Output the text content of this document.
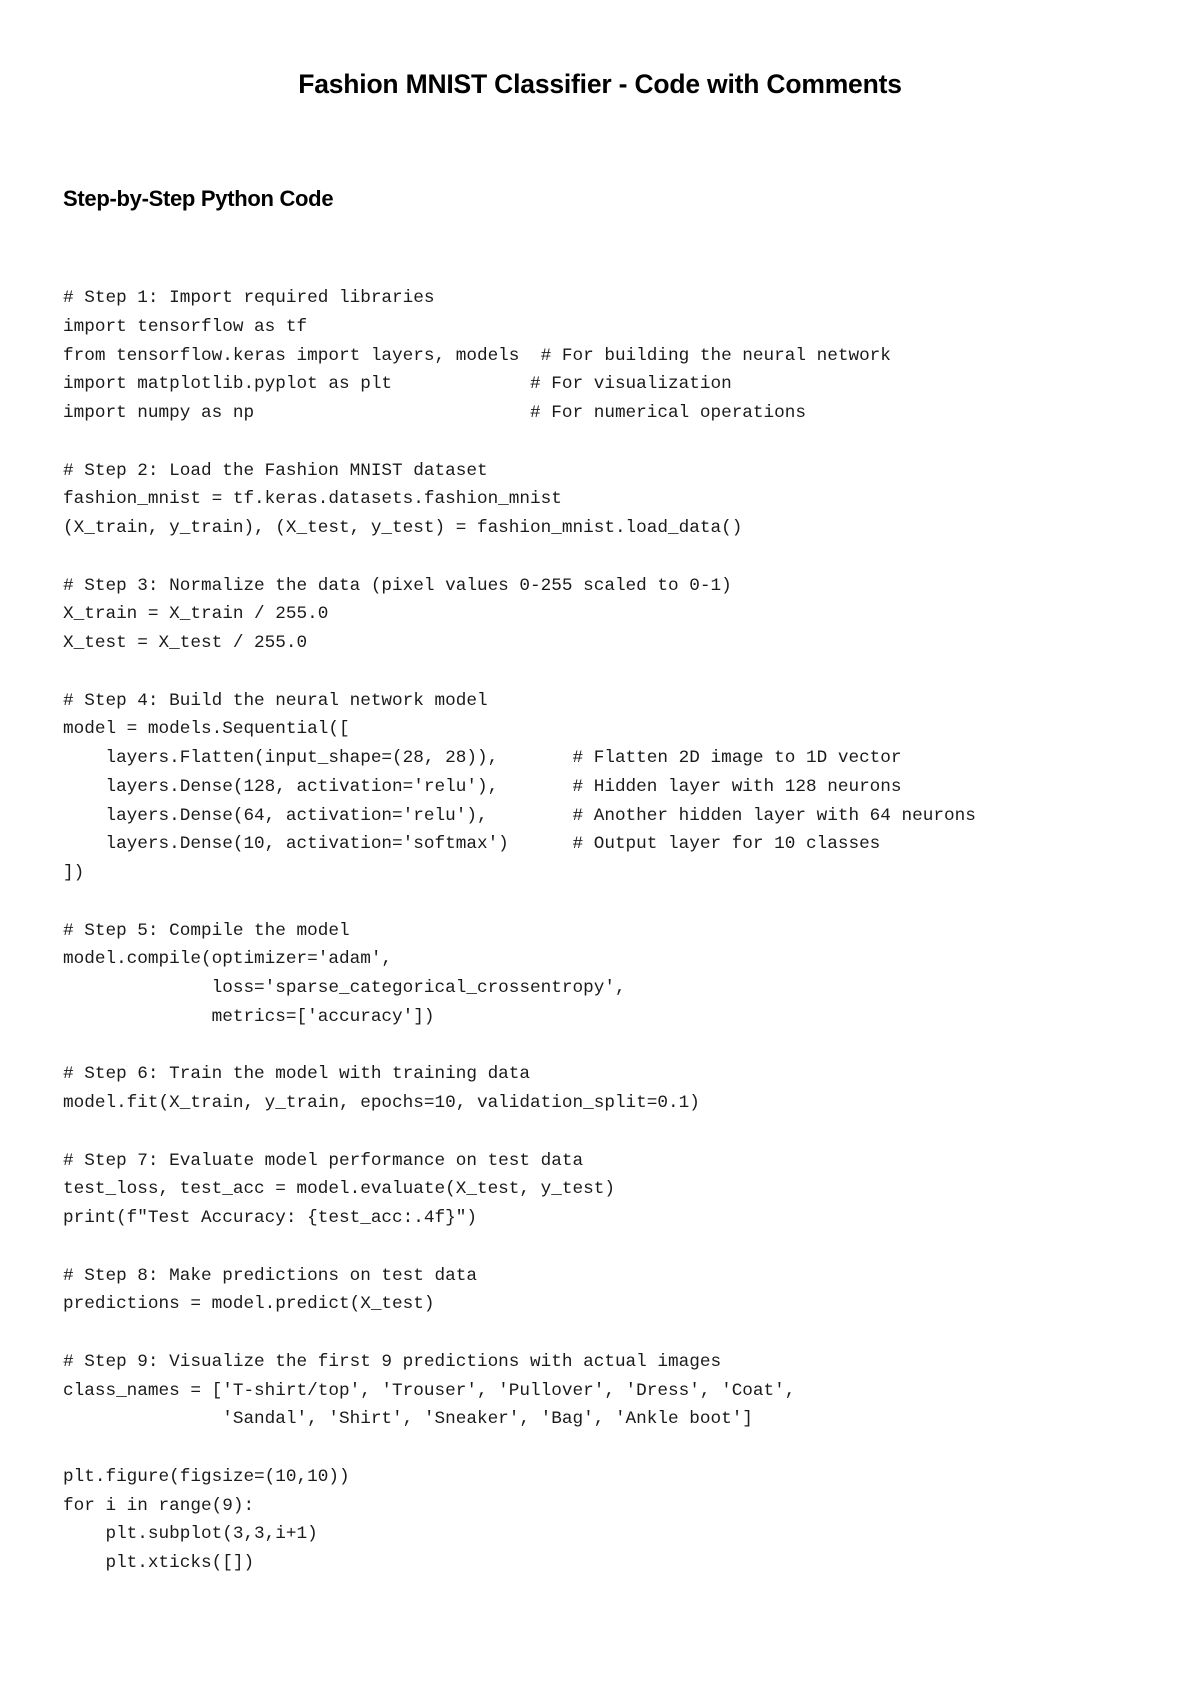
Fashion MNIST Classifier - Code with Comments
Step-by-Step Python Code
# Step 1: Import required libraries
import tensorflow as tf
from tensorflow.keras import layers, models  # For building the neural network
import matplotlib.pyplot as plt             # For visualization
import numpy as np                          # For numerical operations
# Step 2: Load the Fashion MNIST dataset
fashion_mnist = tf.keras.datasets.fashion_mnist
(X_train, y_train), (X_test, y_test) = fashion_mnist.load_data()
# Step 3: Normalize the data (pixel values 0-255 scaled to 0-1)
X_train = X_train / 255.0
X_test = X_test / 255.0
# Step 4: Build the neural network model
model = models.Sequential([
layers.Flatten(input_shape=(28, 28)),       # Flatten 2D image to 1D vector
layers.Dense(128, activation='relu'),       # Hidden layer with 128 neurons
layers.Dense(64, activation='relu'),        # Another hidden layer with 64 neurons
layers.Dense(10, activation='softmax')      # Output layer for 10 classes
])
# Step 5: Compile the model
model.compile(optimizer='adam',
loss='sparse_categorical_crossentropy',
metrics=['accuracy'])
# Step 6: Train the model with training data
model.fit(X_train, y_train, epochs=10, validation_split=0.1)
# Step 7: Evaluate model performance on test data
test_loss, test_acc = model.evaluate(X_test, y_test)
print(f"Test Accuracy: {test_acc:.4f}")
# Step 8: Make predictions on test data
predictions = model.predict(X_test)
# Step 9: Visualize the first 9 predictions with actual images
class_names = ['T-shirt/top', 'Trouser', 'Pullover', 'Dress', 'Coat',
'Sandal', 'Shirt', 'Sneaker', 'Bag', 'Ankle boot']
plt.figure(figsize=(10,10))
for i in range(9):
plt.subplot(3,3,i+1)
plt.xticks([])
